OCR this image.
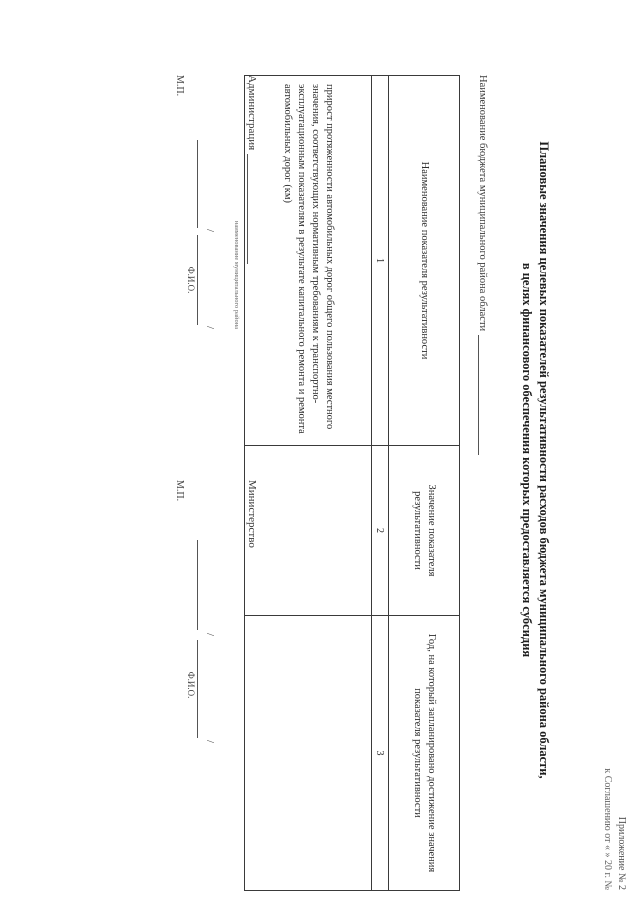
Приложение № 2
к Соглашению от « » 20 г. №
Плановые значения целевых показателей результативности расходов бюджета муниципального района области,
в целях финансового обеспечения которых предоставляется субсидия
Наименование бюджета муниципального района области
Наименование показателя результативности	Значение показателя результативности	Год, на который запланировано достижение значения показателя результативности
1	2	3
прирост протяженности автомобильных дорог общего пользования местного значения, соответствующих нормативным требованиям к транспортно-эксплуатационным показателям в результате капитального ремонта и ремонта автомобильных дорог (км)		
Администрация
наименование муниципального района
/
/
Ф.И.О.
М.П.
Министерство
/
/
Ф.И.О.
М.П.
